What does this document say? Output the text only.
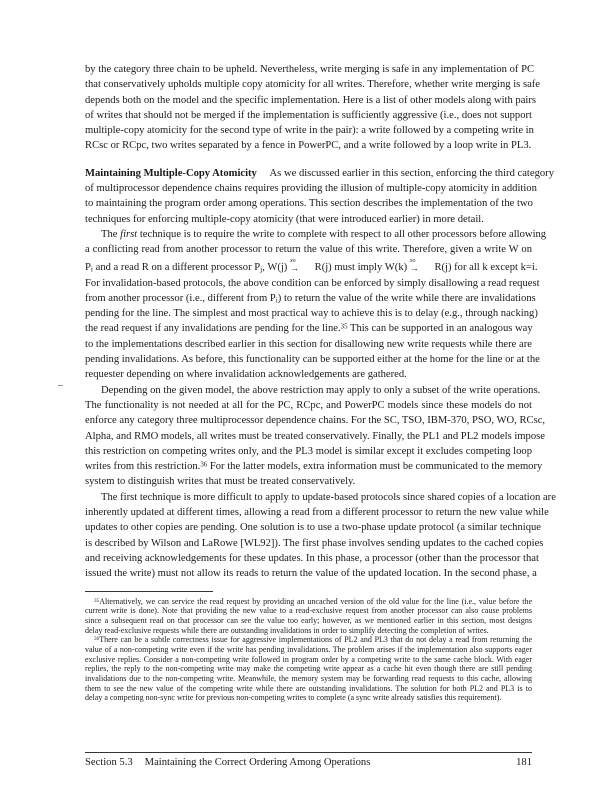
by the category three chain to be upheld. Nevertheless, write merging is safe in any implementation of PC
that conservatively upholds multiple copy atomicity for all writes. Therefore, whether write merging is safe
depends both on the model and the specific implementation. Here is a list of other models along with pairs
of writes that should not be merged if the implementation is sufficiently aggressive (i.e., does not support
multiple-copy atomicity for the second type of write in the pair): a write followed by a competing write in
RCsc or RCpc, two writes separated by a fence in PowerPC, and a write followed by a loop write in PL3.
Maintaining Multiple-Copy Atomicity  As we discussed earlier in this section, enforcing the third category
of multiprocessor dependence chains requires providing the illusion of multiple-copy atomicity in addition
to maintaining the program order among operations. This section describes the implementation of the two
techniques for enforcing multiple-copy atomicity (that were introduced earlier) in more detail.
The first technique is to require the write to complete with respect to all other processors before allowing
a conflicting read from another processor to return the value of this write. Therefore, given a write W on
$P_i$ and a read R on a different processor $P_j$, W(j)
xo
→	R(j) must imply W(k)
xo
→	R(j) for all k except k=i.
For invalidation-based protocols, the above condition can be enforced by simply disallowing a read request
from another processor (i.e., different from $P_i$) to return the value of the write while there are invalidations
pending for the line. The simplest and most practical way to achieve this is to delay (e.g., through nacking)
the read request if any invalidations are pending for the line.$^{35}$ This can be supported in an analogous way
to the implementations described earlier in this section for disallowing new write requests while there are
pending invalidations. As before, this functionality can be supported either at the home for the line or at the
requester depending on where invalidation acknowledgements are gathered.
Depending on the given model, the above restriction may apply to only a subset of the write operations.
The functionality is not needed at all for the PC, RCpc, and PowerPC models since these models do not
enforce any category three multiprocessor dependence chains. For the SC, TSO, IBM-370, PSO, WO, RCsc,
Alpha, and RMO models, all writes must be treated conservatively. Finally, the PL1 and PL2 models impose
this restriction on competing writes only, and the PL3 model is similar except it excludes competing loop
writes from this restriction.$^{36}$ For the latter models, extra information must be communicated to the memory
system to distinguish writes that must be treated conservatively.
The first technique is more difficult to apply to update-based protocols since shared copies of a location are
inherently updated at different times, allowing a read from a different processor to return the new value while
updates to other copies are pending. One solution is to use a two-phase update protocol (a similar technique
is described by Wilson and LaRowe [WL92]). The first phase involves sending updates to the cached copies
and receiving acknowledgements for these updates. In this phase, a processor (other than the processor that
issued the write) must not allow its reads to return the value of the updated location. In the second phase, a
$^{35}$Alternatively, we can service the read request by providing an uncached version of the old value for the line (i.e., value before the
current write is done). Note that providing the new value to a read-exclusive request from another processor can also cause problems
since a subsequent read on that processor can see the value too early; however, as we mentioned earlier in this section, most designs
delay read-exclusive requests while there are outstanding invalidations in order to simplify detecting the completion of writes.
$^{36}$There can be a subtle correctness issue for aggressive implementations of PL2 and PL3 that do not delay a read from returning the
value of a non-competing write even if the write has pending invalidations. The problem arises if the implementation also supports eager
exclusive replies. Consider a non-competing write followed in program order by a competing write to the same cache block. With eager
replies, the reply to the non-competing write may make the competing write appear as a cache hit even though there are still pending
invalidations due to the non-competing write. Meanwhile, the memory system may be forwarding read requests to this cache, allowing
them to see the new value of the competing write while there are outstanding invalidations. The solution for both PL2 and PL3 is to
delay a competing non-sync write for previous non-competing writes to complete (a sync write already satisfies this requirement).
Section 5.3 Maintaining the Correct Ordering Among Operations	181
